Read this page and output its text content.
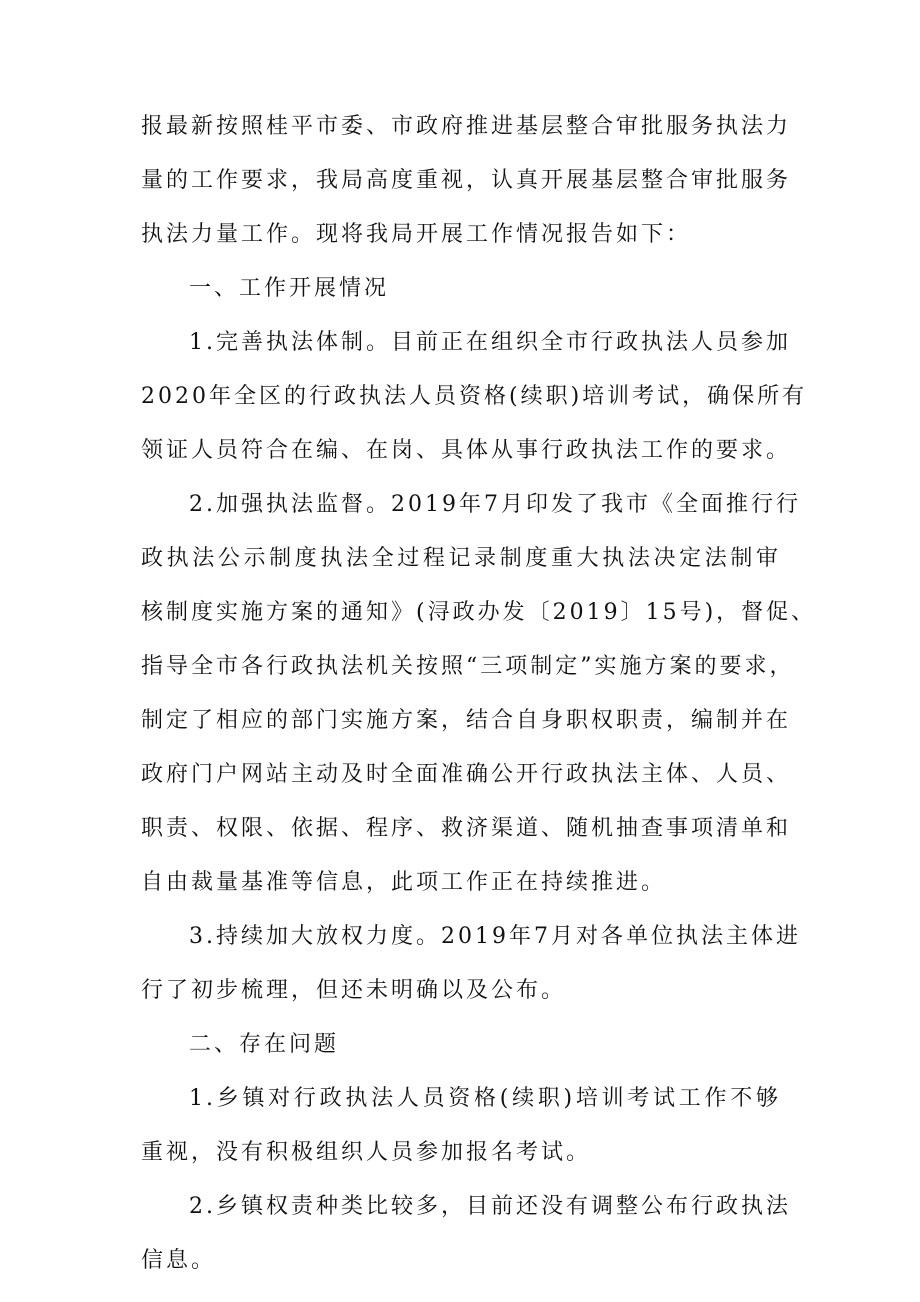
报最新按照桂平市委、市政府推进基层整合审批服务执法力
量的工作要求，我局高度重视，认真开展基层整合审批服务
执法力量工作。现将我局开展工作情况报告如下：
一、工作开展情况
1.完善执法体制。目前正在组织全市行政执法人员参加
2020年全区的行政执法人员资格(续职)培训考试，确保所有
领证人员符合在编、在岗、具体从事行政执法工作的要求。
2.加强执法监督。2019年7月印发了我市《全面推行行
政执法公示制度执法全过程记录制度重大执法决定法制审
核制度实施方案的通知》(浔政办发〔2019〕15号)，督促、
指导全市各行政执法机关按照“三项制定”实施方案的要求，
制定了相应的部门实施方案，结合自身职权职责，编制并在
政府门户网站主动及时全面准确公开行政执法主体、人员、
职责、权限、依据、程序、救济渠道、随机抽查事项清单和
自由裁量基准等信息，此项工作正在持续推进。
3.持续加大放权力度。2019年7月对各单位执法主体进
行了初步梳理，但还未明确以及公布。
二、存在问题
1.乡镇对行政执法人员资格(续职)培训考试工作不够
重视，没有积极组织人员参加报名考试。
2.乡镇权责种类比较多，目前还没有调整公布行政执法
信息。
